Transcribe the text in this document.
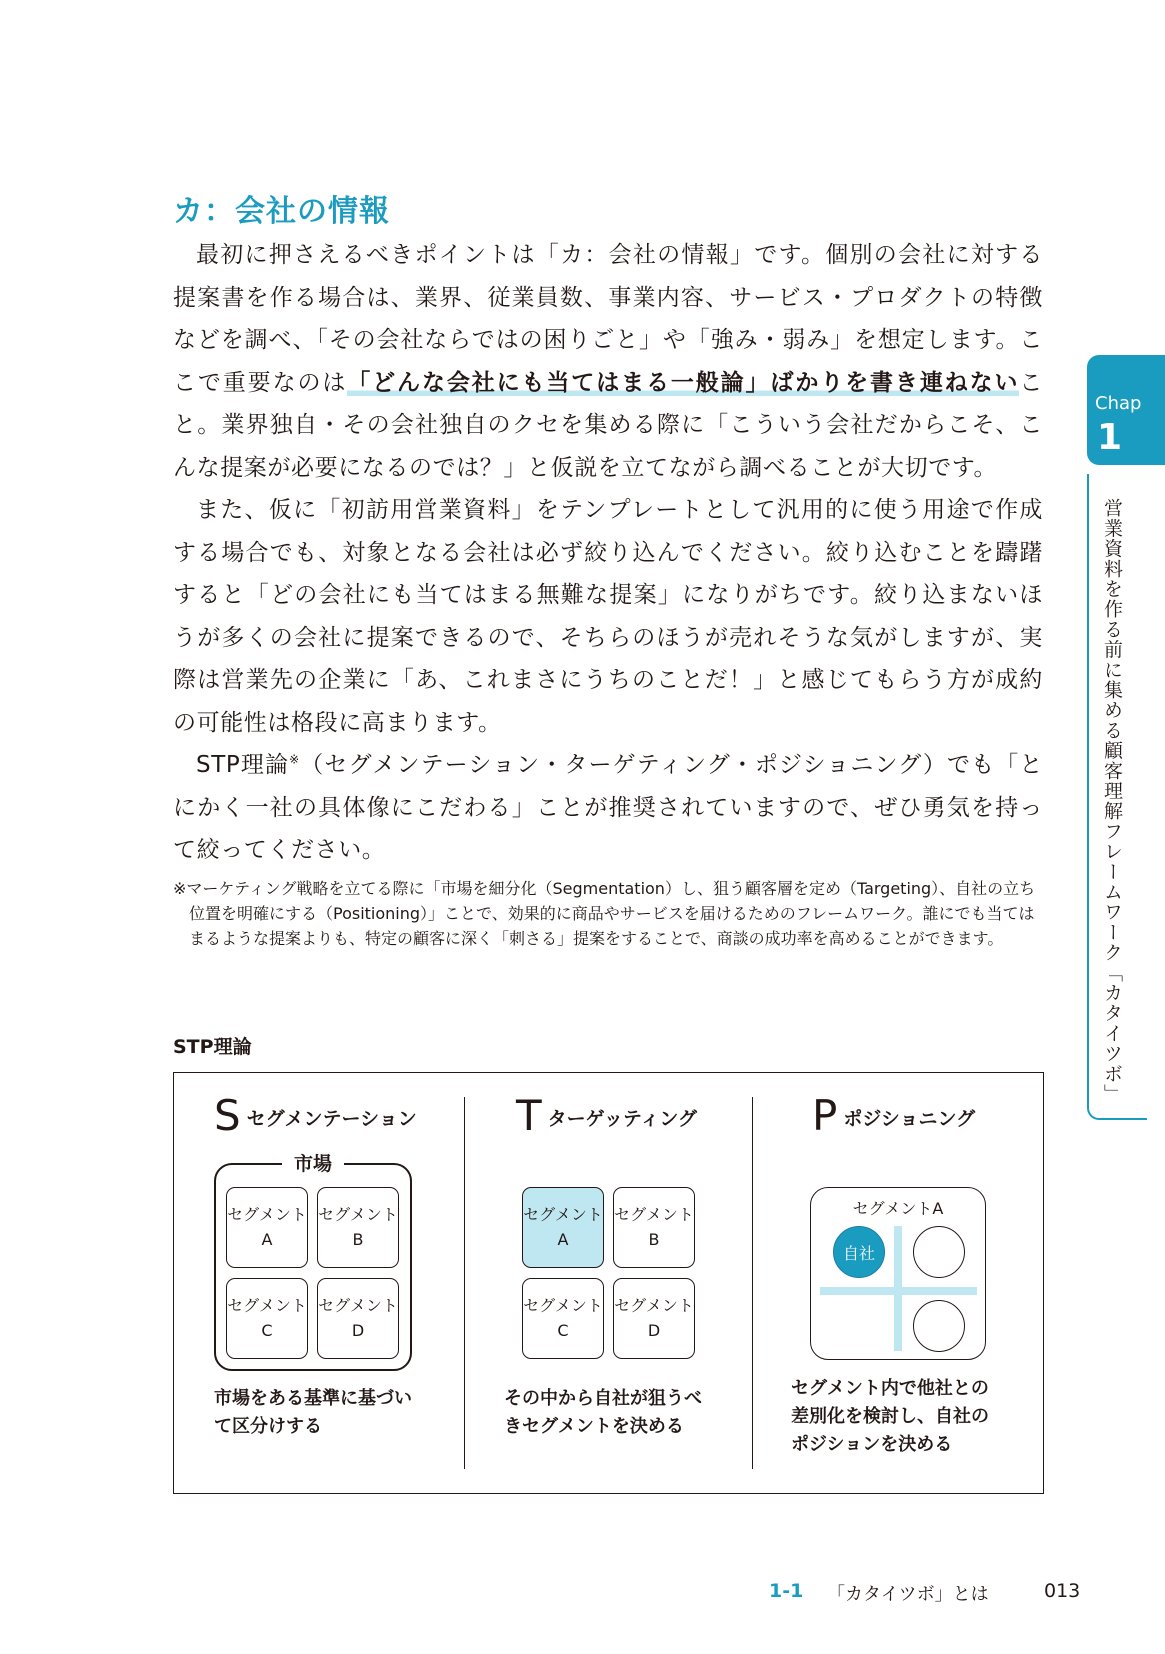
カ：会社の情報

最初に押さえるべきポイントは「カ：会社の情報」です。個別の会社に対する提案書を作る場合は、業界、従業員数、事業内容、サービス・プロダクトの特徴などを調べ、「その会社ならではの困りごと」や「強み・弱み」を想定します。ここで重要なのは「どんな会社にも当てはまる一般論」ばかりを書き連ねないこと。業界独自・その会社独自のクセを集める際に「こういう会社だからこそ、こんな提案が必要になるのでは？」と仮説を立てながら調べることが大切です。

また、仮に「初訪用営業資料」をテンプレートとして汎用的に使う用途で作成する場合でも、対象となる会社は必ず絞り込んでください。絞り込むことを躊躇すると「どの会社にも当てはまる無難な提案」になりがちです。絞り込まないほうが多くの会社に提案できるので、そちらのほうが売れそうな気がしますが、実際は営業先の企業に「あ、これまさにうちのことだ！」と感じてもらう方が成約の可能性は格段に高まります。

STP理論※（セグメンテーション・ターゲティング・ポジショニング）でも「とにかく一社の具体像にこだわる」ことが推奨されていますので、ぜひ勇気を持って絞ってください。

※マーケティング戦略を立てる際に「市場を細分化（Segmentation）し、狙う顧客層を定め（Targeting）、自社の立ち位置を明確にする（Positioning）」ことで、効果的に商品やサービスを届けるためのフレームワーク。誰にでも当てはまるような提案よりも、特定の顧客に深く「刺さる」提案をすることで、商談の成功率を高めることができます。

STP理論
S セグメンテーション
市場
セグメント
A
セグメント
B
セグメント
C
セグメント
D
市場をある基準に基づい
て区分けする
T ターゲッティング
セグメント
A
セグメント
B
セグメント
C
セグメント
D
その中から自社が狙うべ
きセグメントを決める
P ポジショニング
セグメントA
自社
セグメント内で他社との
差別化を検討し、自社の
ポジションを決める
Chap
1
営業資料を作る前に集める顧客理解フレームワーク「カタイツボ」
1-1 「カタイツボ」とは	013
